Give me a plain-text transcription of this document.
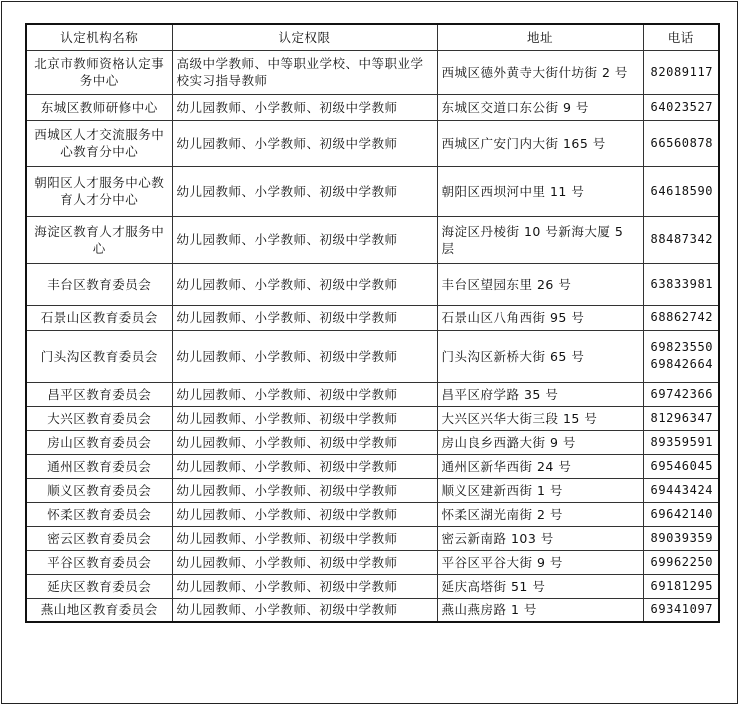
认定机构名称	认定权限	地址	电话
北京市教师资格认定事务中心	高级中学教师、中等职业学校、中等职业学校实习指导教师	西城区德外黄寺大街什坊街 2 号	82089117

东城区教师研修中心	幼儿园教师、小学教师、初级中学教师	东城区交道口东公街 9 号	64023527

西城区人才交流服务中心教育分中心	幼儿园教师、小学教师、初级中学教师	西城区广安门内大街 165 号	66560878

朝阳区人才服务中心教育人才分中心	幼儿园教师、小学教师、初级中学教师	朝阳区西坝河中里 11 号	64618590

海淀区教育人才服务中心	幼儿园教师、小学教师、初级中学教师	海淀区丹棱街 10 号新海大厦 5 层	88487342

丰台区教育委员会	幼儿园教师、小学教师、初级中学教师	丰台区望园东里 26 号	63833981

石景山区教育委员会	幼儿园教师、小学教师、初级中学教师	石景山区八角西街 95 号	68862742

门头沟区教育委员会	幼儿园教师、小学教师、初级中学教师	门头沟区新桥大街 65 号	69823550
69842664

昌平区教育委员会	幼儿园教师、小学教师、初级中学教师	昌平区府学路 35 号	69742366

大兴区教育委员会	幼儿园教师、小学教师、初级中学教师	大兴区兴华大街三段 15 号	81296347

房山区教育委员会	幼儿园教师、小学教师、初级中学教师	房山良乡西潞大街 9 号	89359591

通州区教育委员会	幼儿园教师、小学教师、初级中学教师	通州区新华西街 24 号	69546045

顺义区教育委员会	幼儿园教师、小学教师、初级中学教师	顺义区建新西街 1 号	69443424

怀柔区教育委员会	幼儿园教师、小学教师、初级中学教师	怀柔区湖光南街 2 号	69642140

密云区教育委员会	幼儿园教师、小学教师、初级中学教师	密云新南路 103 号	89039359

平谷区教育委员会	幼儿园教师、小学教师、初级中学教师	平谷区平谷大街 9 号	69962250

延庆区教育委员会	幼儿园教师、小学教师、初级中学教师	延庆高塔街 51 号	69181295

燕山地区教育委员会	幼儿园教师、小学教师、初级中学教师	燕山燕房路 1 号	69341097
